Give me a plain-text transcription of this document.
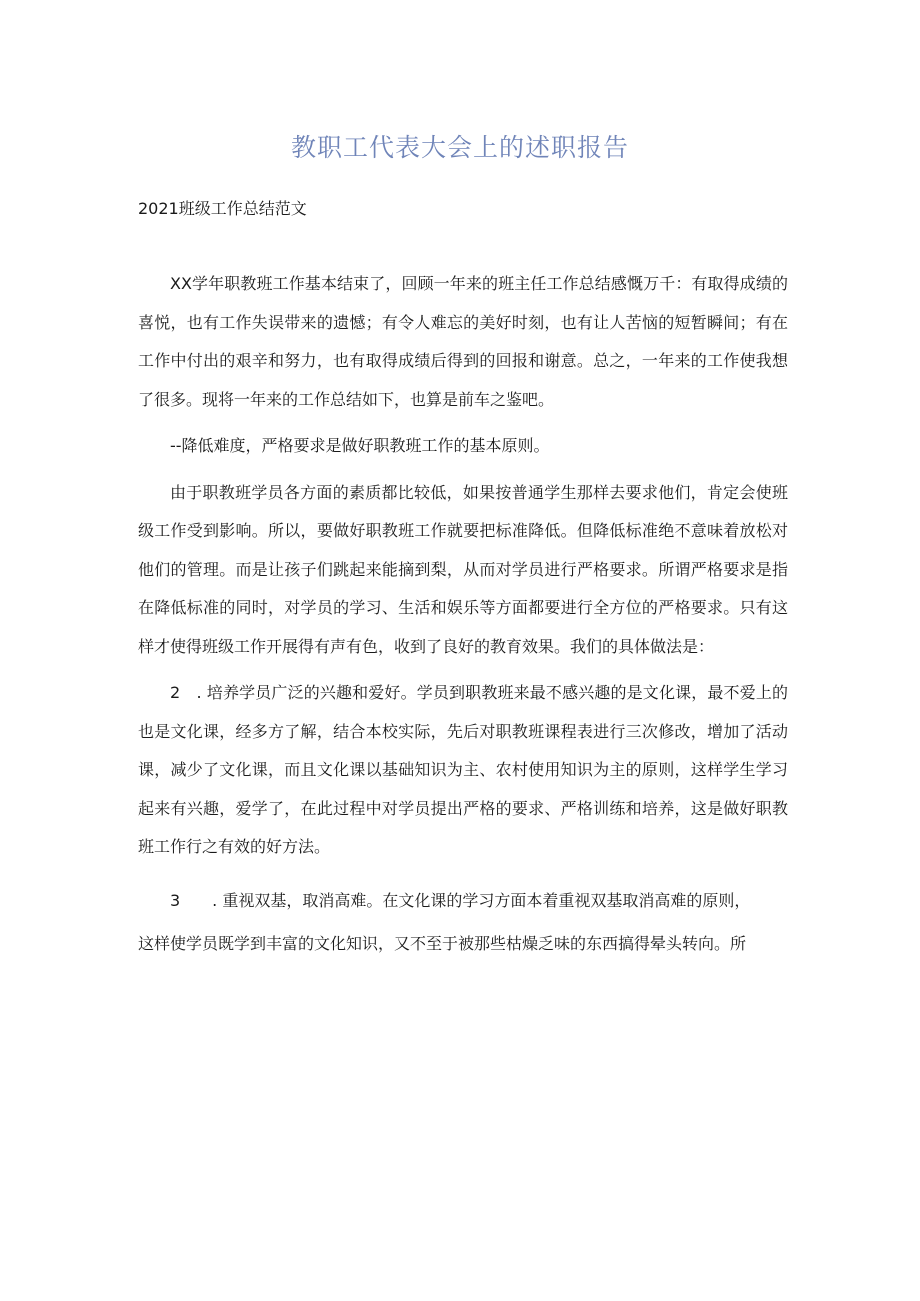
教职工代表大会上的述职报告

2021班级工作总结范文

XX学年职教班工作基本结束了，回顾一年来的班主任工作总结感慨万千：有取得成绩的喜悦，也有工作失误带来的遗憾；有令人难忘的美好时刻，也有让人苦恼的短暂瞬间；有在工作中付出的艰辛和努力，也有取得成绩后得到的回报和谢意。总之，一年来的工作使我想了很多。现将一年来的工作总结如下，也算是前车之鉴吧。

--降低难度，严格要求是做好职教班工作的基本原则。

由于职教班学员各方面的素质都比较低，如果按普通学生那样去要求他们，肯定会使班级工作受到影响。所以，要做好职教班工作就要把标准降低。但降低标准绝不意味着放松对他们的管理。而是让孩子们跳起来能摘到梨，从而对学员进行严格要求。所谓严格要求是指在降低标准的同时，对学员的学习、生活和娱乐等方面都要进行全方位的严格要求。只有这样才使得班级工作开展得有声有色，收到了良好的教育效果。我们的具体做法是：

2　. 培养学员广泛的兴趣和爱好。学员到职教班来最不感兴趣的是文化课，最不爱上的也是文化课，经多方了解，结合本校实际，先后对职教班课程表进行三次修改，增加了活动课，减少了文化课，而且文化课以基础知识为主、农村使用知识为主的原则，这样学生学习起来有兴趣，爱学了，在此过程中对学员提出严格的要求、严格训练和培养，这是做好职教班工作行之有效的好方法。

3　　. 重视双基，取消高难。在文化课的学习方面本着重视双基取消高难的原则，

这样使学员既学到丰富的文化知识，又不至于被那些枯燥乏味的东西搞得晕头转向。所
